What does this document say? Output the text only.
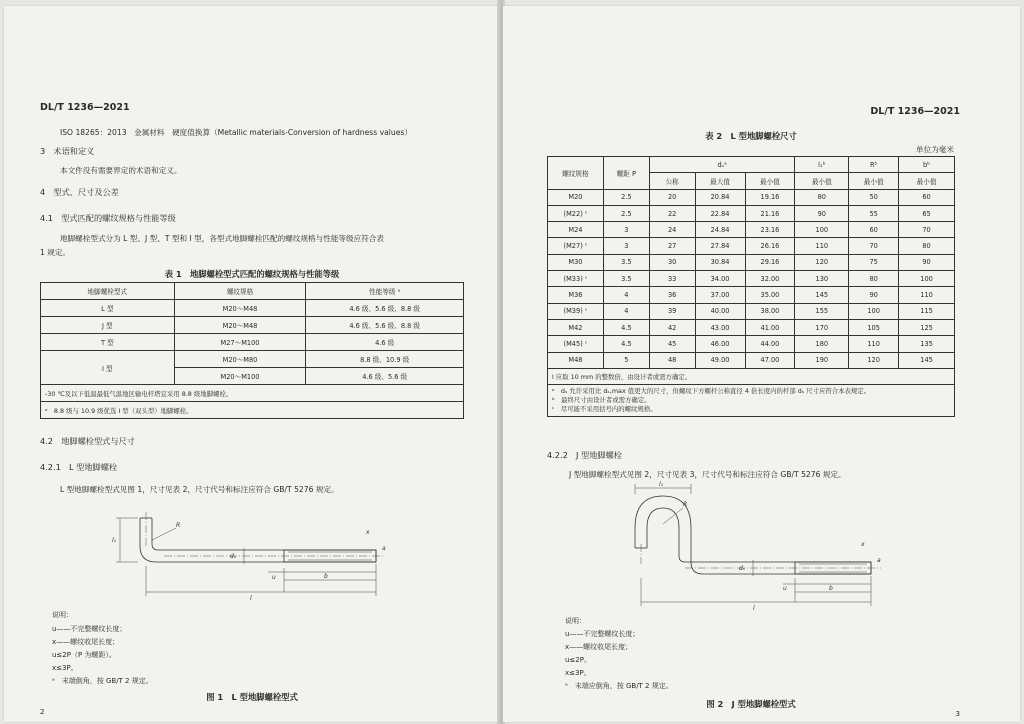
DL/T 1236—2021
ISO 18265：2013　金属材料　硬度值换算（Metallic materials-Conversion of hardness values）
3　术语和定义
本文件没有需要界定的术语和定义。
4　型式、尺寸及公差
4.1　型式匹配的螺纹规格与性能等级
地脚螺栓型式分为 L 型、J 型、T 型和 I 型，各型式地脚螺栓匹配的螺纹规格与性能等级应符合表
1 规定。
表 1　地脚螺栓型式匹配的螺纹规格与性能等级
地脚螺栓型式	螺纹规格	性能等级 ᵃ
L 型	M20～M48	4.6 级、5.6 级、8.8 级
J 型	M20～M48	4.6 级、5.6 级、8.8 级
T 型	M27～M100	4.6 级
I 型	M20～M80	8.8 级、10.9 级
	M20～M100	4.6 级、5.6 级
-30 ℃及以下低温最低气温地区输电杆塔宜采用 8.8 级地脚螺栓。		
ᵃ　8.8 级与 10.9 级优选 I 型（双头型）地脚螺栓。		
4.2　地脚螺栓型式与尺寸
4.2.1　L 型地脚螺栓
L 型地脚螺栓型式见图 1，尺寸见表 2，尺寸代号和标注应符合 GB/T 5276 规定。
l₁
R
dₛ
u
x
b
l
a
说明：
u——不完整螺纹长度；
x——螺纹收尾长度；
u≤2P（P 为螺距）。
x≤3P。
ᵃ　末端倒角，按 GB/T 2 规定。
图 1　L 型地脚螺栓型式
2
DL/T 1236—2021
表 2　L 型地脚螺栓尺寸
单位为毫米
螺纹规格	螺距 P	dₛᵃ			l₁ᵇ	Rᵇ	bᵇ
		公称	最大值	最小值	最小值	最小值	最小值
M20	2.5	20	20.84	19.16	80	50	60
(M22) ᶜ	2.5	22	22.84	21.16	90	55	65
M24	3	24	24.84	23.16	100	60	70
(M27) ᶜ	3	27	27.84	26.16	110	70	80
M30	3.5	30	30.84	29.16	120	75	90
(M33) ᶜ	3.5	33	34.00	32.00	130	80	100
M36	4	36	37.00	35.00	145	90	110
(M39) ᶜ	4	39	40.00	38.00	155	100	115
M42	4.5	42	43.00	41.00	170	105	125
(M45) ᶜ	4.5	45	46.00	44.00	180	110	135
M48	5	48	49.00	47.00	190	120	145
l 应取 10 mm 的整数倍，由设计者或需方确定。							

ᵃ　dₛ 允许采用比 dₛ,max 值更大的尺寸，但螺纹下方螺杆公称直径 4 倍长度内的杆部 dₛ 尺寸应符合本表规定。
ᵇ　最终尺寸由设计者或需方确定。
ᶜ　尽可能不采用括号内的螺纹规格。							
4.2.2　J 型地脚螺栓
J 型地脚螺栓型式见图 2，尺寸见表 3，尺寸代号和标注应符合 GB/T 5276 规定。
l₁
R
dₛ
u
x
b
l
a
说明：
u——不完整螺纹长度；
x——螺纹收尾长度；
u≤2P。
x≤3P。
ᵃ　末端应倒角，按 GB/T 2 规定。
图 2　J 型地脚螺栓型式
3
